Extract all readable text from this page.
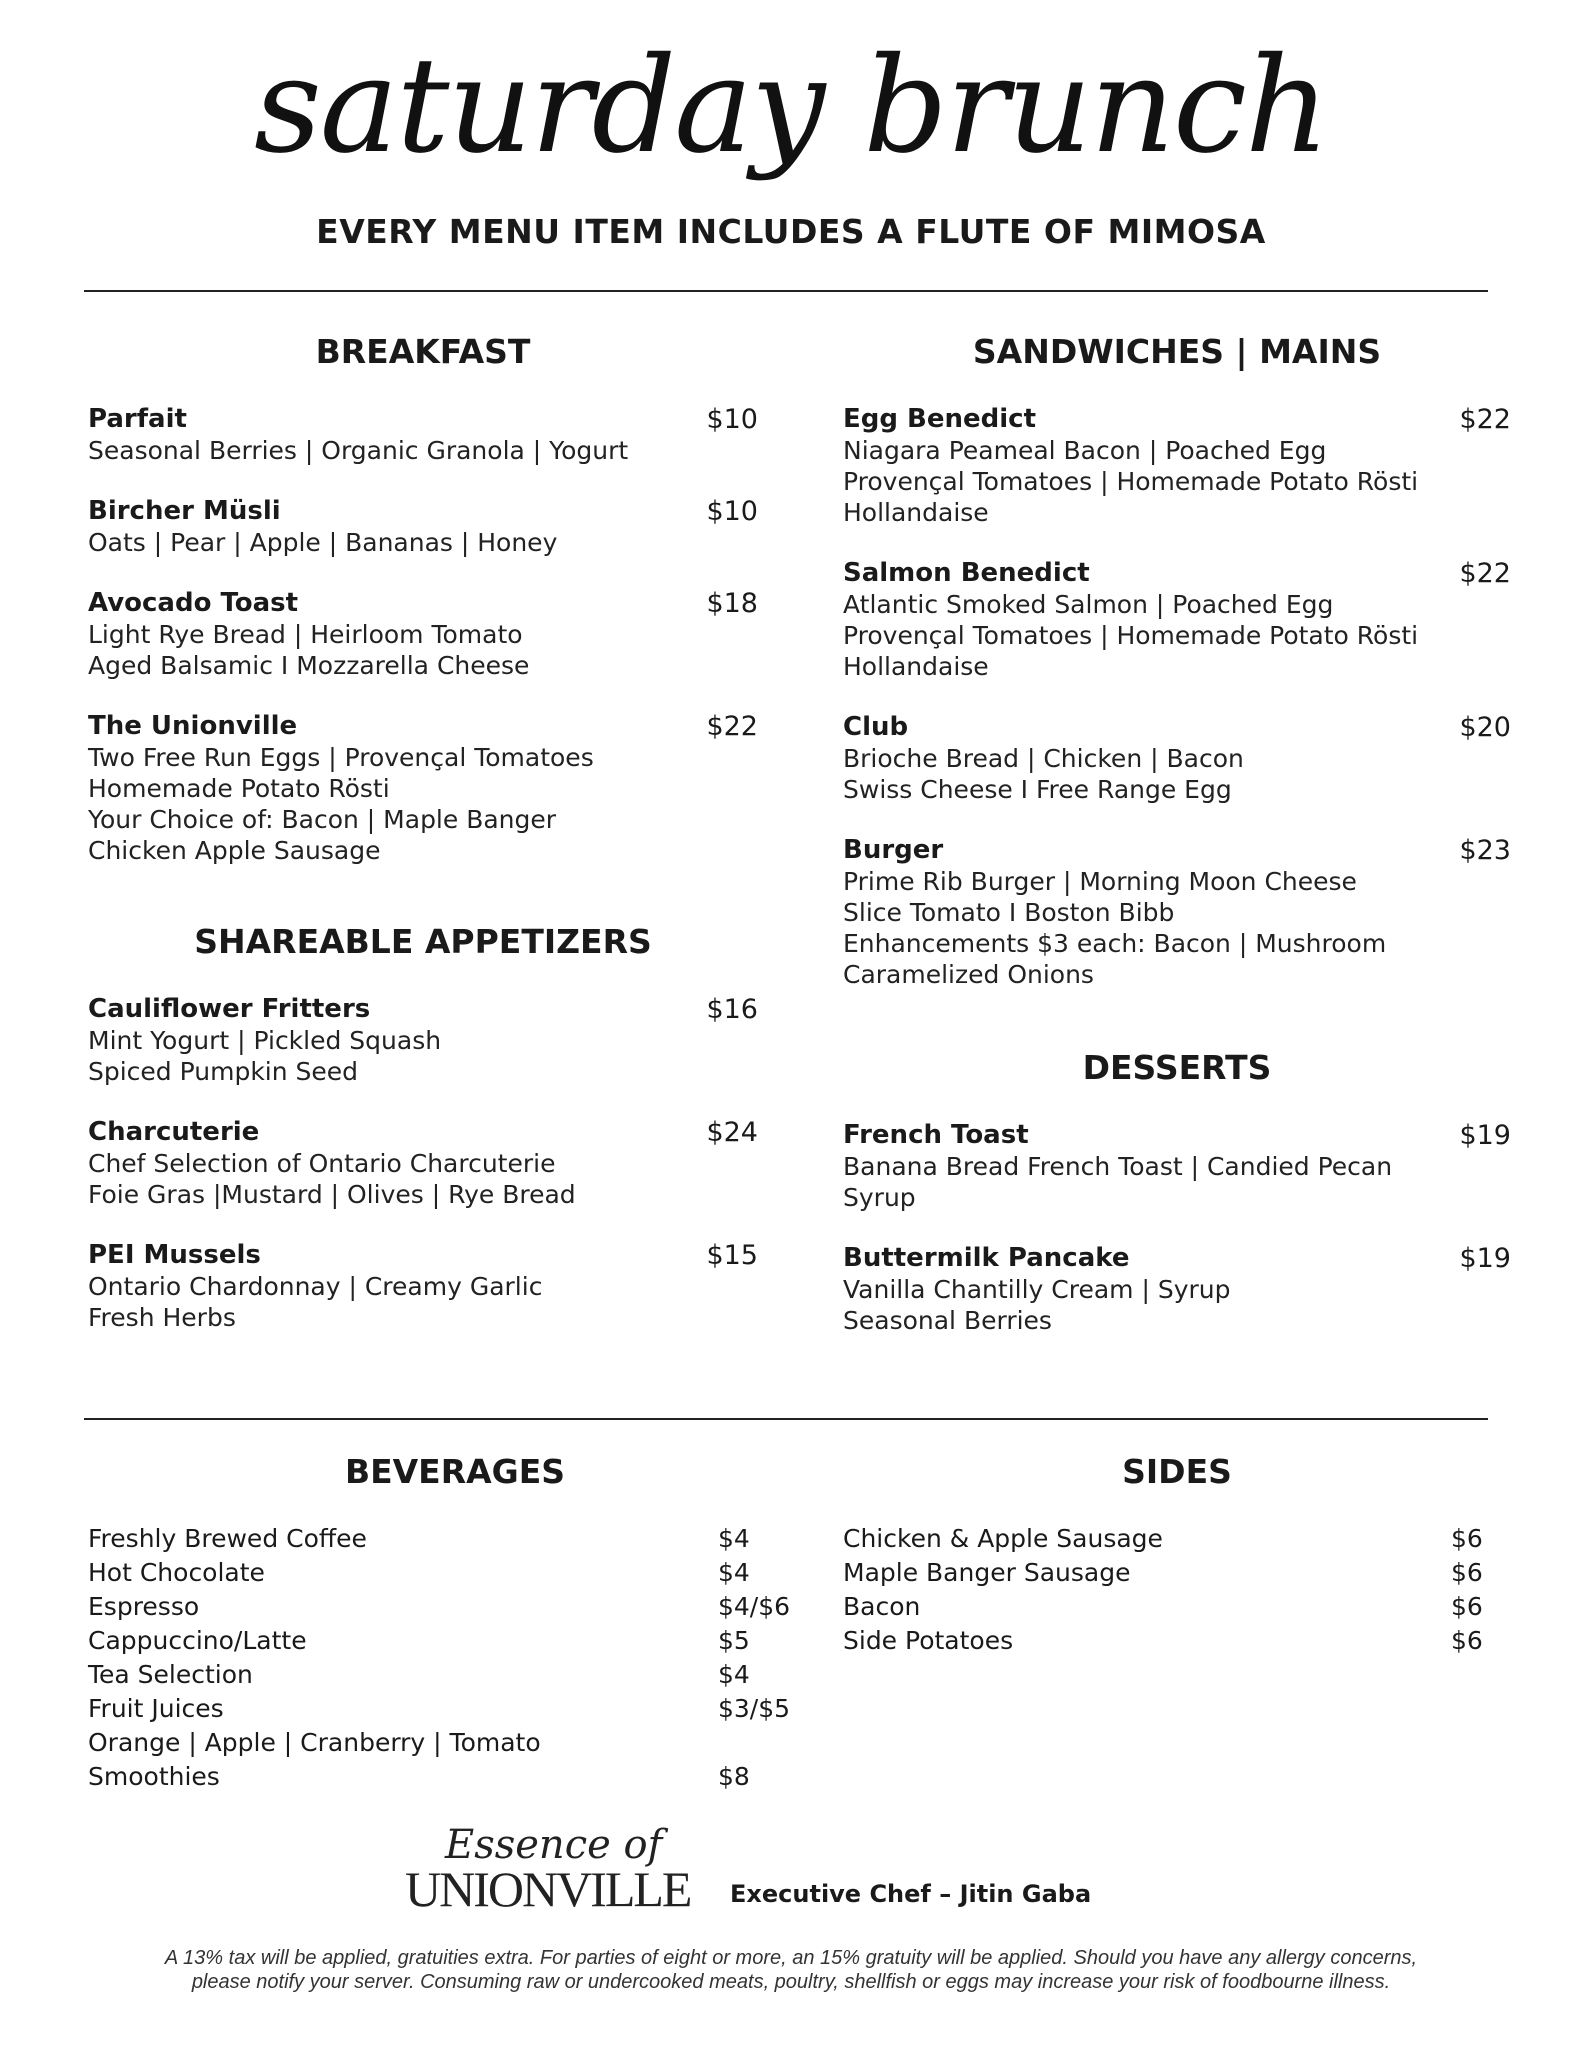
saturday brunch
EVERY MENU ITEM INCLUDES A FLUTE OF MIMOSA
BREAKFAST
Parfait	$10
Seasonal Berries | Organic Granola | Yogurt
Bircher Müsli	$10
Oats | Pear | Apple | Bananas | Honey
Avocado Toast	$18
Light Rye Bread | Heirloom Tomato
Aged Balsamic I Mozzarella Cheese
The Unionville	$22
Two Free Run Eggs | Provençal Tomatoes
Homemade Potato Rösti
Your Choice of: Bacon | Maple Banger
Chicken Apple Sausage
SHAREABLE APPETIZERS
Cauliflower Fritters	$16
Mint Yogurt | Pickled Squash
Spiced Pumpkin Seed
Charcuterie	$24
Chef Selection of Ontario Charcuterie
Foie Gras |Mustard | Olives | Rye Bread
PEI Mussels	$15
Ontario Chardonnay | Creamy Garlic
Fresh Herbs
SANDWICHES | MAINS
Egg Benedict	$22
Niagara Peameal Bacon | Poached Egg
Provençal Tomatoes | Homemade Potato Rösti
Hollandaise
Salmon Benedict	$22
Atlantic Smoked Salmon | Poached Egg
Provençal Tomatoes | Homemade Potato Rösti
Hollandaise
Club	$20
Brioche Bread | Chicken | Bacon
Swiss Cheese I Free Range Egg
Burger	$23
Prime Rib Burger | Morning Moon Cheese
Slice Tomato I Boston Bibb
Enhancements $3 each: Bacon | Mushroom
Caramelized Onions
DESSERTS
French Toast	$19
Banana Bread French Toast | Candied Pecan
Syrup
Buttermilk Pancake	$19
Vanilla Chantilly Cream | Syrup
Seasonal Berries
BEVERAGES
Freshly Brewed Coffee	$4
Hot Chocolate	$4
Espresso	$4/$6
Cappuccino/Latte	$5
Tea Selection	$4
Fruit Juices	$3/$5
Orange | Apple | Cranberry | Tomato
Smoothies	$8
SIDES
Chicken & Apple Sausage	$6
Maple Banger Sausage	$6
Bacon	$6
Side Potatoes	$6
Essence of
UNIONVILLE Executive Chef – Jitin Gaba
A 13% tax will be applied, gratuities extra. For parties of eight or more, an 15% gratuity will be applied. Should you have any allergy concerns,
please notify your server. Consuming raw or undercooked meats, poultry, shellfish or eggs may increase your risk of foodbourne illness.
